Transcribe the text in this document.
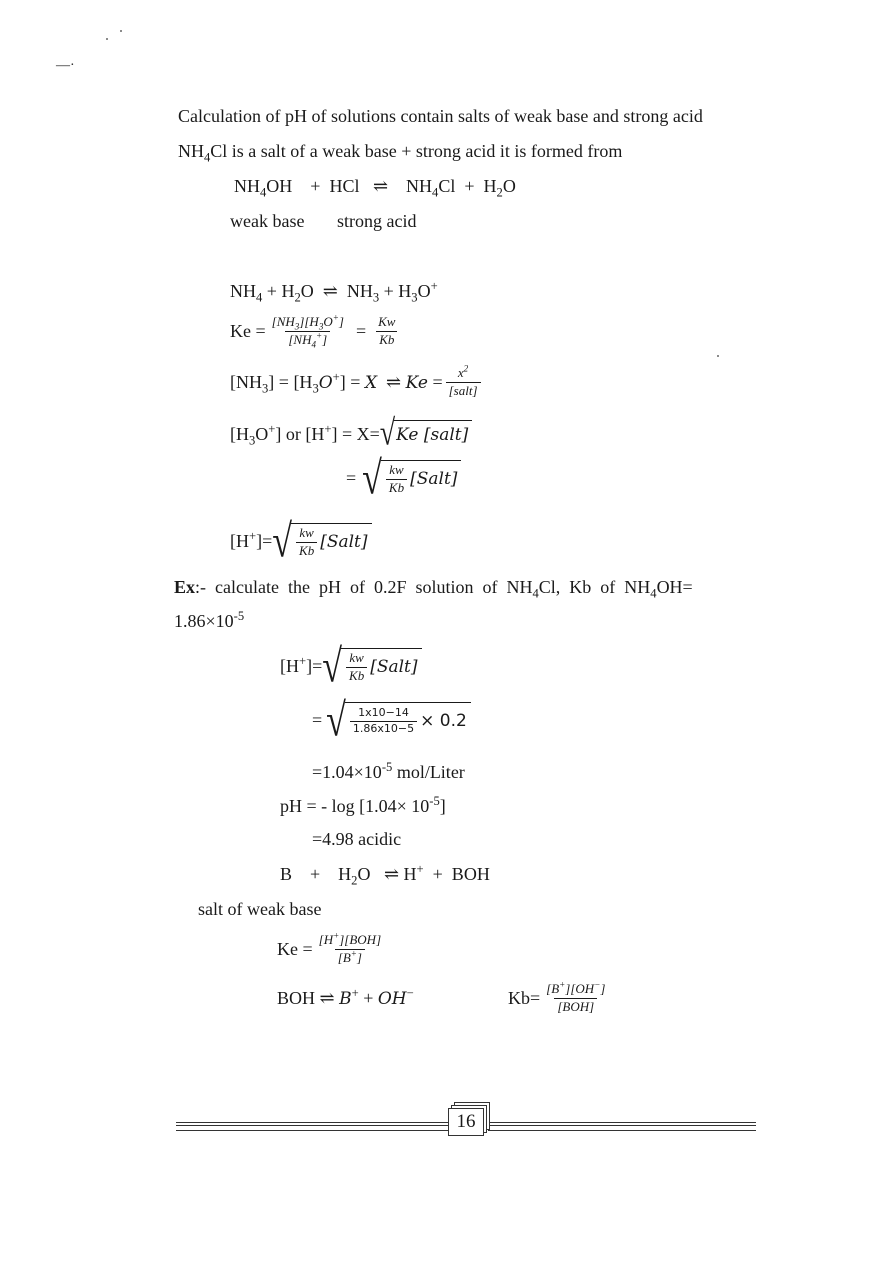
—·
Calculation of pH of solutions contain salts of weak base and strong acid
$NH_4Cl$ is a salt of a weak base + strong acid it is formed from
$NH_4OH$    +  HCl   ⇌    $NH_4Cl + H_2O$
weak base strong acid
$NH_4 + H_2O$  ⇌  $NH_3 + H_3O^+$
$Ke = \frac{[NH_3][H_3O^+]}{[NH_4^+]} = \frac{Kw}{Kb}$
$[NH_3] = [H_3O^+] = X$  ⇌ $Ke = \frac{x^2}{\text{[salt]}}$
$[H_3O^+]$ or [H+] = X= √ Ke [salt]
= √ $\frac{kw}{Kb}$ [Salt]
[H+]= √ $\frac{kw}{Kb}$ [Salt]
Ex:-  calculate  the  pH  of  0.2F  solution  of  $NH_4Cl$,  Kb  of  $NH_4OH=$
$1.86\times 10^{-5}$
[H+]= √ $\frac{kw}{Kb}$ [Salt]
= √ $\frac{1x10-14}{1.86x10-5} \times 0.2$
$=1.04\times 10^{-5}$ mol/Liter
pH = - $\log [1.04\times 10^{-5}]$
=4.98 acidic
B    +    $H_2O$   ⇌ H+  +  BOH
salt of weak base
$Ke = \frac{[H^+][BOH]}{[B^+]}$
BOH ⇌ B+ + OH−	$Kb= \frac{[B^+][OH^-]}{\text{[BOH]}}$
16
